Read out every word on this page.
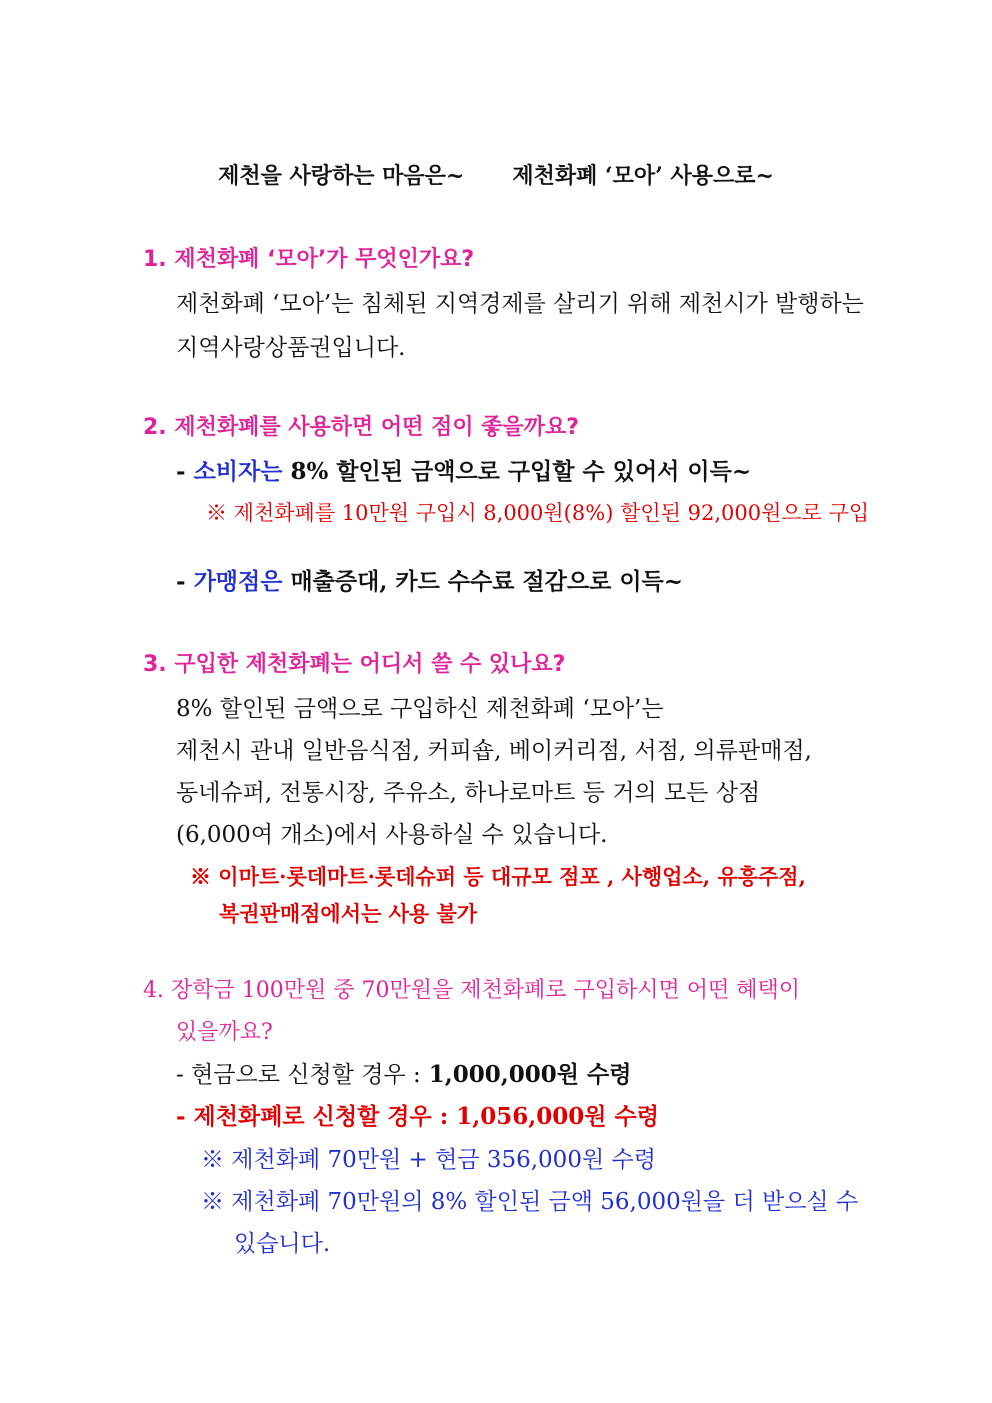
제천을 사랑하는 마음은~ 제천화폐 ‘모아’ 사용으로~
1. 제천화폐 ‘모아’가 무엇인가요?
제천화폐 ‘모아’는 침체된 지역경제를 살리기 위해 제천시가 발행하는
지역사랑상품권입니다.
2. 제천화폐를 사용하면 어떤 점이 좋을까요?
- 소비자는 8% 할인된 금액으로 구입할 수 있어서 이득~
※ 제천화폐를 10만원 구입시 8,000원(8%) 할인된 92,000원으로 구입
- 가맹점은 매출증대, 카드 수수료 절감으로 이득~
3. 구입한 제천화폐는 어디서 쓸 수 있나요?
8% 할인된 금액으로 구입하신 제천화폐 ‘모아’는
제천시 관내 일반음식점, 커피숍, 베이커리점, 서점, 의류판매점,
동네슈퍼, 전통시장, 주유소, 하나로마트 등 거의 모든 상점
(6,000여 개소)에서 사용하실 수 있습니다.
※ 이마트·롯데마트·롯데슈퍼 등 대규모 점포 , 사행업소, 유흥주점,
복권판매점에서는 사용 불가
4. 장학금 100만원 중 70만원을 제천화폐로 구입하시면 어떤 혜택이
있을까요?
- 현금으로 신청할 경우 : 1,000,000원 수령
- 제천화폐로 신청할 경우 : 1,056,000원 수령
※ 제천화폐 70만원 + 현금 356,000원 수령
※ 제천화폐 70만원의 8% 할인된 금액 56,000원을 더 받으실 수
있습니다.
